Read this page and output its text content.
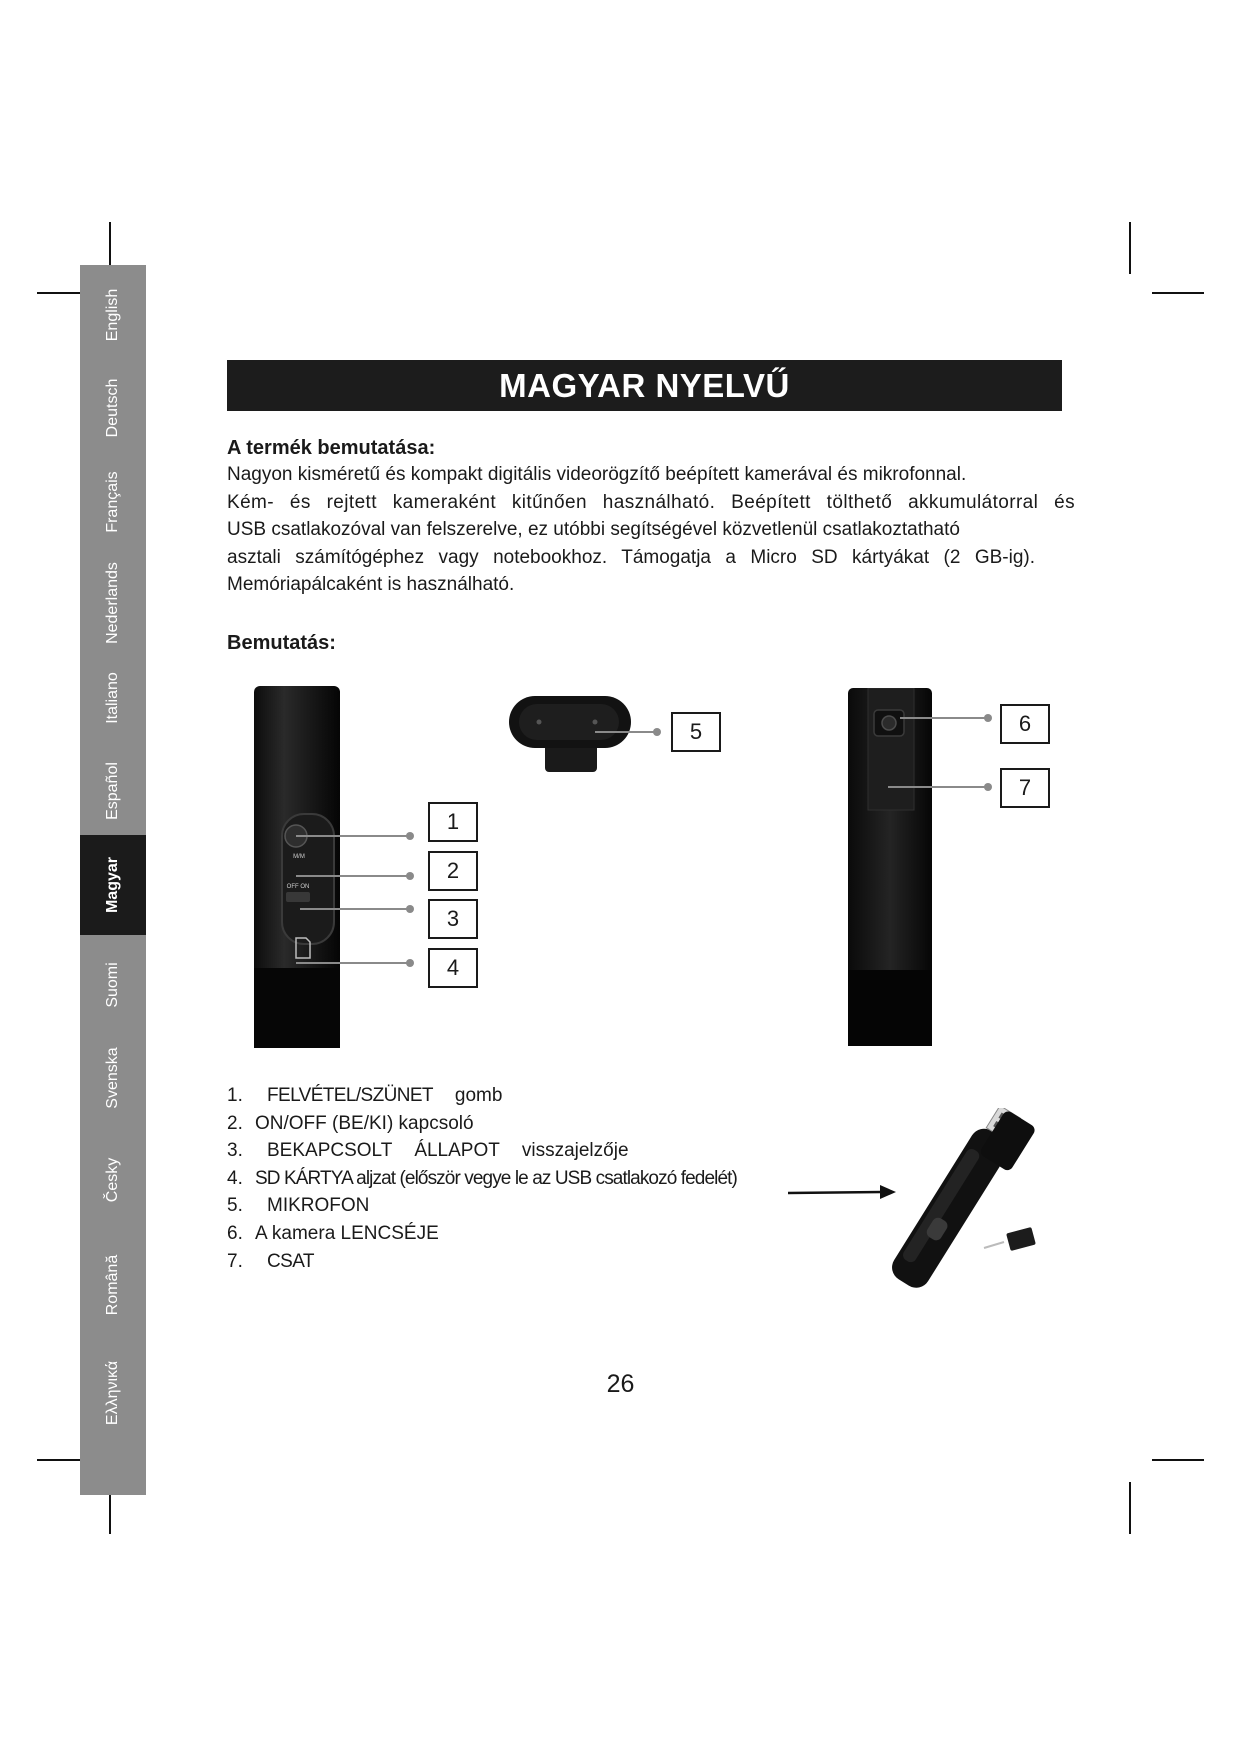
English
Deutsch
Français
Nederlands
Italiano
Español
Magyar
Suomi
Svenska
Česky
Română
Ελληνικά
MAGYAR NYELVŰ
A termék bemutatása:

Nagyon kisméretű és kompakt digitális videorögzítő beépített kamerával és mikrofonnal.

Kém- és rejtett kameraként kitűnően használható. Beépített tölthető akkumulátorral és

USB csatlakozóval van felszerelve, ez utóbbi segítségével közvetlenül csatlakoztatható

asztali számítógéphez vagy notebookhoz. Támogatja a Micro SD kártyákat (2 GB-ig).

Memóriapálcaként is használható.

Bemutatás:
M/M
OFF ON
1
2
3
4
5	6
7
1. FELVÉTEL/SZÜNET gomb
2. ON/OFF (BE/KI) kapcsoló
3. BEKAPCSOLT ÁLLAPOT visszajelzője
4. SD KÁRTYA aljzat (először vegye le az USB csatlakozó fedelét)
5. MIKROFON
6. A kamera LENCSÉJE
7. CSAT
26
